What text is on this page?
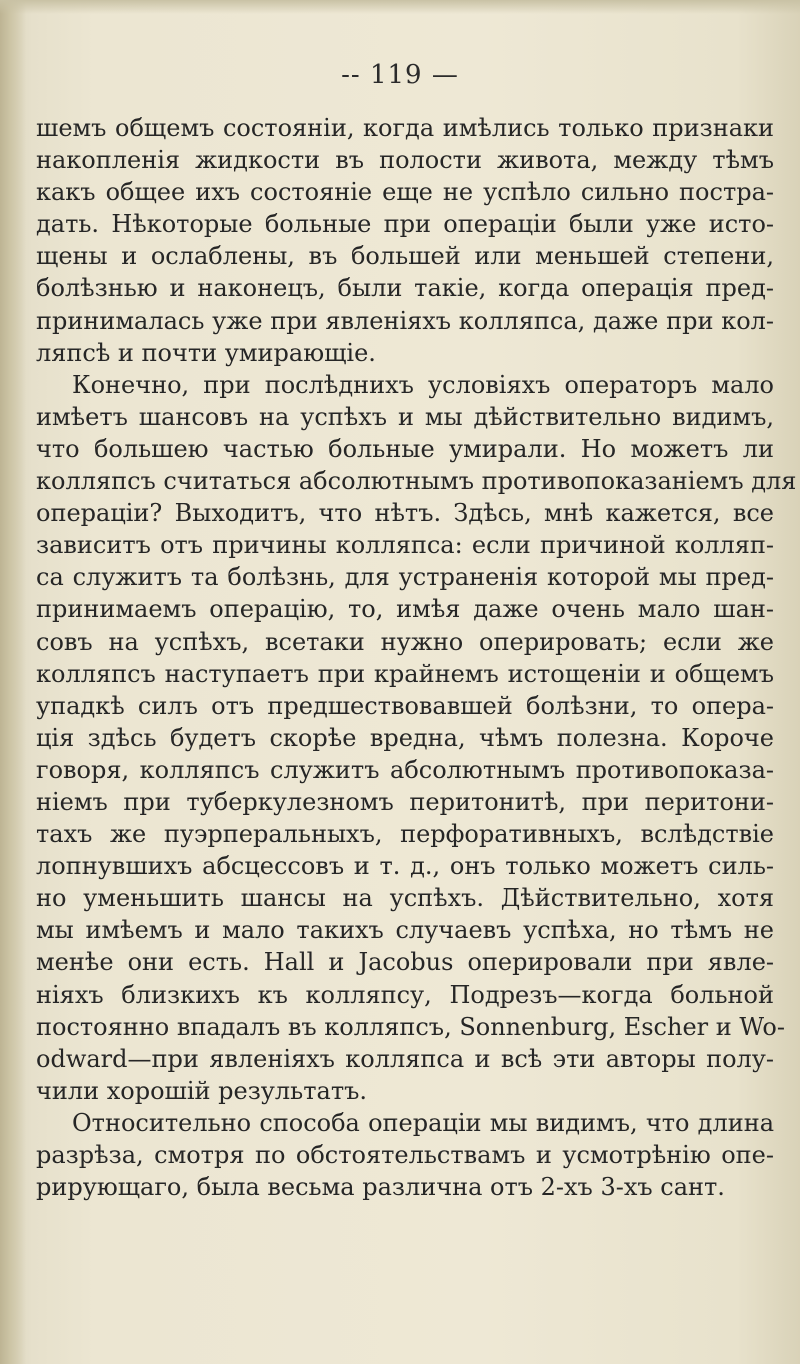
-- 119 —
шемъ общемъ состояніи, когда имѣлись только признаки
накопленія жидкости въ полости живота, между тѣмъ
какъ общее ихъ состояніе еще не успѣло сильно постра-
дать. Нѣкоторые больные при операціи были уже исто-
щены и ослаблены, въ большей или меньшей степени,
болѣзнью и наконецъ, были такіе, когда операція пред-
принималась уже при явленіяхъ колляпса, даже при кол-
ляпсѣ и почти умирающіе.
Конечно, при послѣднихъ условіяхъ операторъ мало
имѣетъ шансовъ на успѣхъ и мы дѣйствительно видимъ,
что большею частью больные умирали. Но можетъ ли
колляпсъ считаться абсолютнымъ противопоказаніемъ для
операціи? Выходитъ, что нѣтъ. Здѣсь, мнѣ кажется, все
зависитъ отъ причины колляпса: если причиной колляп-
са служитъ та болѣзнь, для устраненія которой мы пред-
принимаемъ операцію, то, имѣя даже очень мало шан-
совъ на успѣхъ, всетаки нужно оперировать; если же
колляпсъ наступаетъ при крайнемъ истощеніи и общемъ
упадкѣ силъ отъ предшествовавшей болѣзни, то опера-
ція здѣсь будетъ скорѣе вредна, чѣмъ полезна. Короче
говоря, колляпсъ служитъ абсолютнымъ противопоказа-
ніемъ при туберкулезномъ перитонитѣ, при перитони-
тахъ же пуэрперальныхъ, перфоративныхъ, вслѣдствіе
лопнувшихъ абсцессовъ и т. д., онъ только можетъ силь-
но уменьшить шансы на успѣхъ. Дѣйствительно, хотя
мы имѣемъ и мало такихъ случаевъ успѣха, но тѣмъ не
менѣе они есть. Hall и Jacobus оперировали при явле-
ніяхъ близкихъ къ колляпсу, Подрезъ—когда больной
постоянно впадалъ въ колляпсъ, Sonnenburg, Escher и Wo-
odward—при явленіяхъ колляпса и всѣ эти авторы полу-
чили хорошій результатъ.
Относительно способа операціи мы видимъ, что длина
разрѣза, смотря по обстоятельствамъ и усмотрѣнію опе-
рирующаго, была весьма различна отъ 2-хъ 3-хъ сант.
